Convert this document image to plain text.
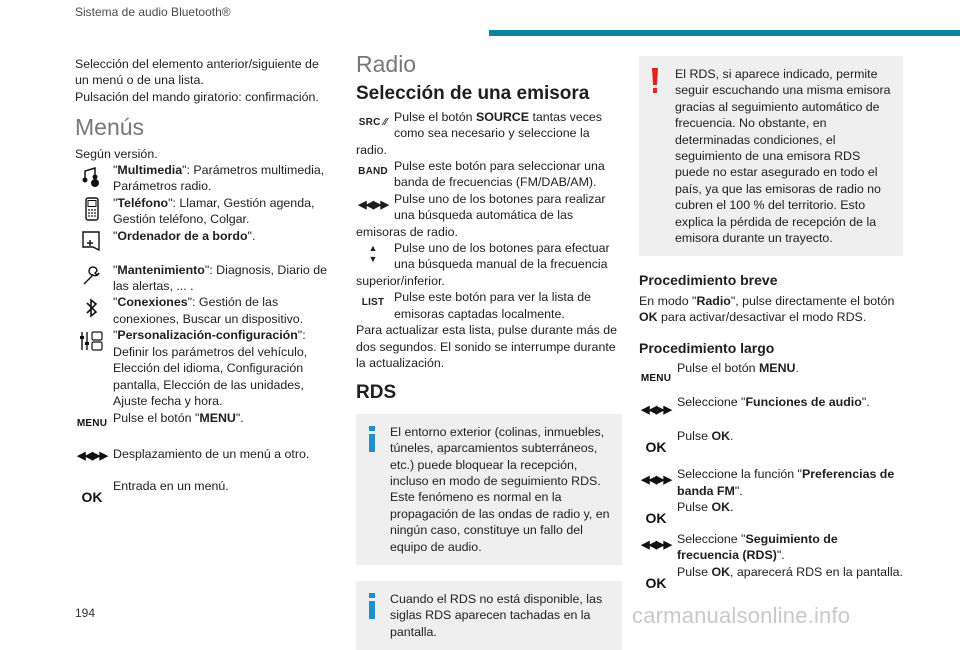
Sistema de audio Bluetooth®

Selección del elemento anterior/siguiente de un menú o de una lista.

Pulsación del mando giratorio: confirmación.

Menús

Según versión.

"Multimedia": Parámetros multimedia, Parámetros radio.
"Teléfono": Llamar, Gestión agenda, Gestión teléfono, Colgar.
"Ordenador de a bordo".
"Mantenimiento": Diagnosis, Diario de las alertas, ... .
"Conexiones": Gestión de las conexiones, Buscar un dispositivo.
"Personalización-configuración": Definir los parámetros del vehículo, Elección del idioma, Configuración pantalla, Elección de las unidades, Ajuste fecha y hora.
MENU Pulse el botón "MENU".
◀◀▶▶ Desplazamiento de un menú a otro.
OK
Entrada en un menú.
Radio
Selección de una emisora
SRC ⁄⁄ Pulse el botón SOURCE tantas veces como sea necesario y seleccione la radio.
BAND Pulse este botón para seleccionar una banda de frecuencias (FM/DAB/AM).
◀◀▶▶ Pulse uno de los botones para realizar una búsqueda automática de las emisoras de radio.
▲
▼
Pulse uno de los botones para efectuar una búsqueda manual de la frecuencia superior/inferior.
LIST Pulse este botón para ver la lista de emisoras captadas localmente.

Para actualizar esta lista, pulse durante más de dos segundos. El sonido se interrumpe durante la actualización.

RDS

El entorno exterior (colinas, inmuebles, túneles, aparcamientos subterráneos, etc.) puede bloquear la recepción, incluso en modo de seguimiento RDS. Este fenómeno es normal en la propagación de las ondas de radio y, en ningún caso, constituye un fallo del equipo de audio.

Cuando el RDS no está disponible, las siglas RDS aparecen tachadas en la pantalla.

El RDS, si aparece indicado, permite seguir escuchando una misma emisora gracias al seguimiento automático de frecuencia. No obstante, en determinadas condiciones, el seguimiento de una emisora RDS puede no estar asegurado en todo el país, ya que las emisoras de radio no cubren el 100 % del territorio. Esto explica la pérdida de recepción de la emisora durante un trayecto.

Procedimiento breve

En modo "Radio", pulse directamente el botón OK para activar/desactivar el modo RDS.

Procedimiento largo
MENU
Pulse el botón MENU.
◀◀▶▶
Seleccione "Funciones de audio".
OK
Pulse OK.
◀◀▶▶ Seleccione la función "Preferencias de banda FM".
OK
Pulse OK.
◀◀▶▶ Seleccione "Seguimiento de frecuencia (RDS)".
OK
Pulse OK, aparecerá RDS en la pantalla.
194	carmanualsonline.info
